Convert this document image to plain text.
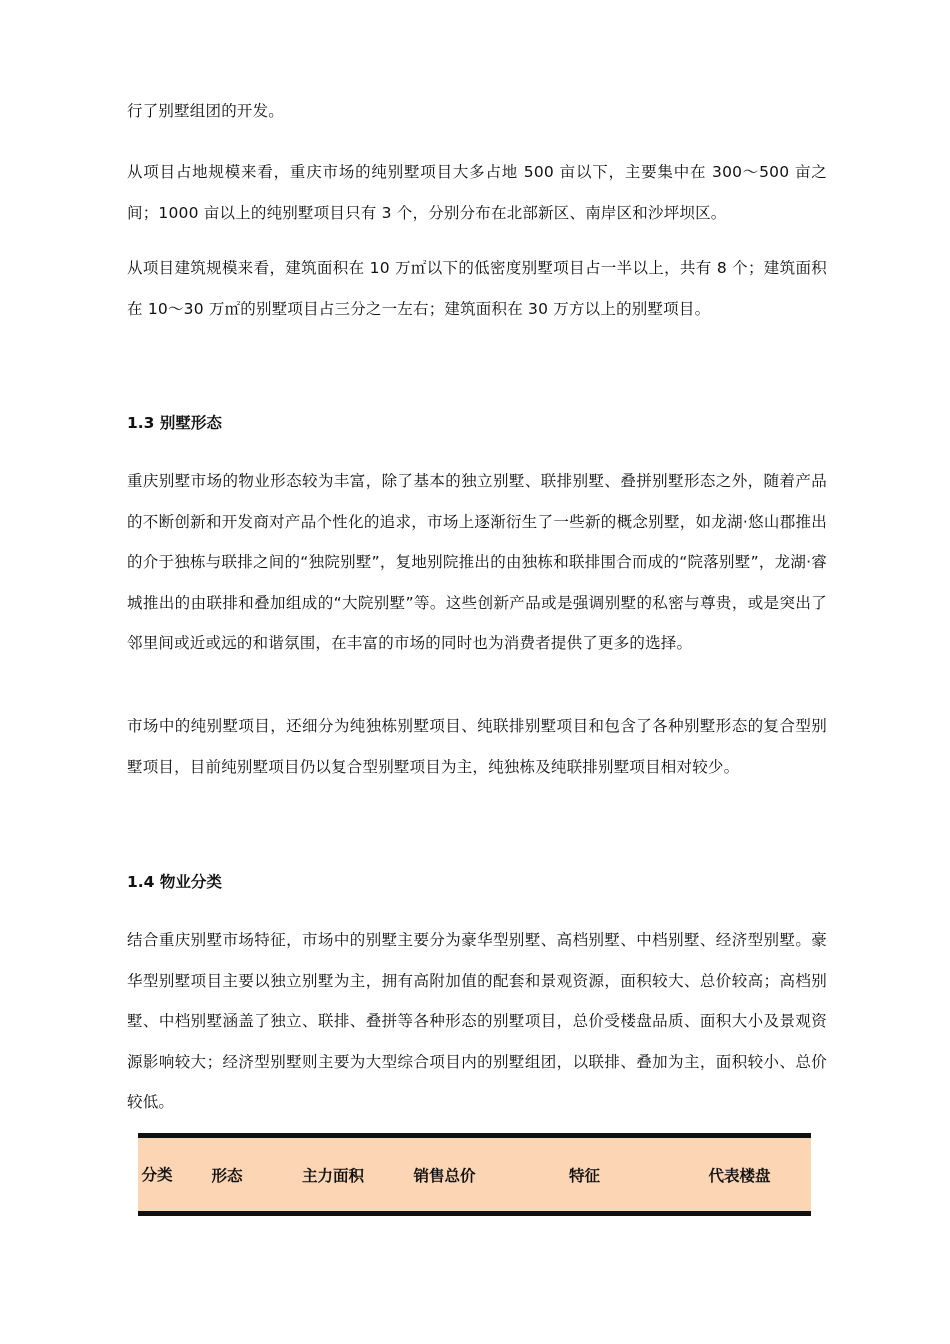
行了别墅组团的开发。

从项目占地规模来看，重庆市场的纯别墅项目大多占地 500 亩以下，主要集中在 300～500 亩之间；1000 亩以上的纯别墅项目只有 3 个，分别分布在北部新区、南岸区和沙坪坝区。

从项目建筑规模来看，建筑面积在 10 万㎡以下的低密度别墅项目占一半以上，共有 8 个；建筑面积在 10～30 万㎡的别墅项目占三分之一左右；建筑面积在 30 万方以上的别墅项目。

1.3 别墅形态

重庆别墅市场的物业形态较为丰富，除了基本的独立别墅、联排别墅、叠拼别墅形态之外，随着产品的不断创新和开发商对产品个性化的追求，市场上逐渐衍生了一些新的概念别墅，如龙湖·悠山郡推出的介于独栋与联排之间的“独院别墅”，复地别院推出的由独栋和联排围合而成的“院落别墅”，龙湖·睿城推出的由联排和叠加组成的“大院别墅”等。这些创新产品或是强调别墅的私密与尊贵，或是突出了邻里间或近或远的和谐氛围，在丰富的市场的同时也为消费者提供了更多的选择。

市场中的纯别墅项目，还细分为纯独栋别墅项目、纯联排别墅项目和包含了各种别墅形态的复合型别墅项目，目前纯别墅项目仍以复合型别墅项目为主，纯独栋及纯联排别墅项目相对较少。

1.4 物业分类

结合重庆别墅市场特征，市场中的别墅主要分为豪华型别墅、高档别墅、中档别墅、经济型别墅。豪华型别墅项目主要以独立别墅为主，拥有高附加值的配套和景观资源，面积较大、总价较高；高档别墅、中档别墅涵盖了独立、联排、叠拼等各种形态的别墅项目，总价受楼盘品质、面积大小及景观资源影响较大；经济型别墅则主要为大型综合项目内的别墅组团，以联排、叠加为主，面积较小、总价较低。

分类	形态	主力面积	销售总价	特征	代表楼盘
